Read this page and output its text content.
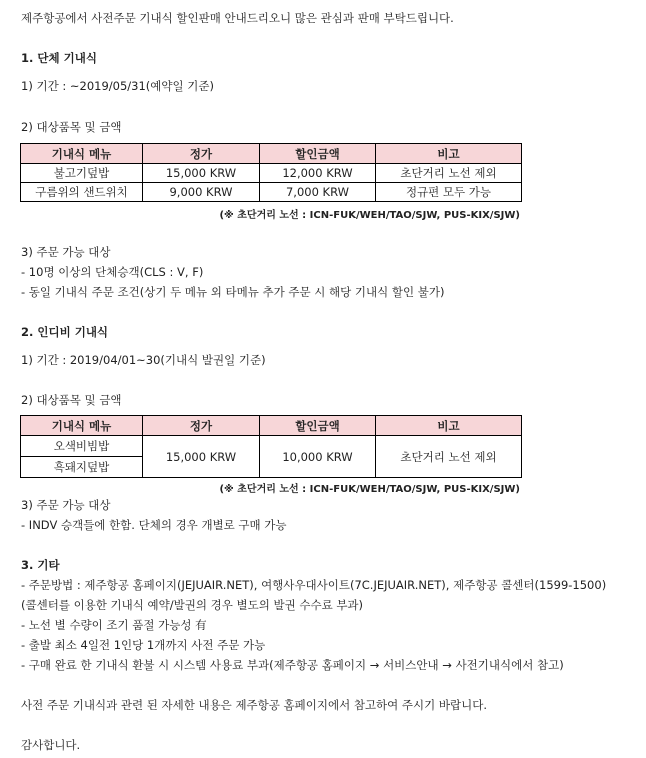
제주항공에서 사전주문 기내식 할인판매 안내드리오니 많은 관심과 판매 부탁드립니다.
1. 단체 기내식
1) 기간 : ~2019/05/31(예약일 기준)
2) 대상품목 및 금액
기내식 메뉴	정가	할인금액	비고
불고기덮밥	15,000 KRW	12,000 KRW	초단거리 노선 제외
구름위의 샌드위치	9,000 KRW	7,000 KRW	정규편 모두 가능
(※ 초단거리 노선 : ICN-FUK/WEH/TAO/SJW, PUS-KIX/SJW)
3) 주문 가능 대상
- 10명 이상의 단체승객(CLS : V, F)
- 동일 기내식 주문 조건(상기 두 메뉴 외 타메뉴 추가 주문 시 해당 기내식 할인 불가)
2. 인디비 기내식
1) 기간 : 2019/04/01~30(기내식 발권일 기준)
2) 대상품목 및 금액
기내식 메뉴	정가	할인금액	비고
오색비빔밥	15,000 KRW	10,000 KRW	초단거리 노선 제외
흑돼지덮밥			
(※ 초단거리 노선 : ICN-FUK/WEH/TAO/SJW, PUS-KIX/SJW)
3) 주문 가능 대상
- INDV 승객들에 한함. 단체의 경우 개별로 구매 가능
3. 기타
- 주문방법 : 제주항공 홈페이지(JEJUAIR.NET), 여행사우대사이트(7C.JEJUAIR.NET), 제주항공 콜센터(1599-1500)
(콜센터를 이용한 기내식 예약/발권의 경우 별도의 발권 수수료 부과)
- 노선 별 수량이 조기 품절 가능성 有
- 출발 최소 4일전 1인당 1개까지 사전 주문 가능
- 구매 완료 한 기내식 환불 시 시스템 사용료 부과(제주항공 홈페이지 → 서비스안내 → 사전기내식에서 참고)
사전 주문 기내식과 관련 된 자세한 내용은 제주항공 홈페이지에서 참고하여 주시기 바랍니다.
감사합니다.
